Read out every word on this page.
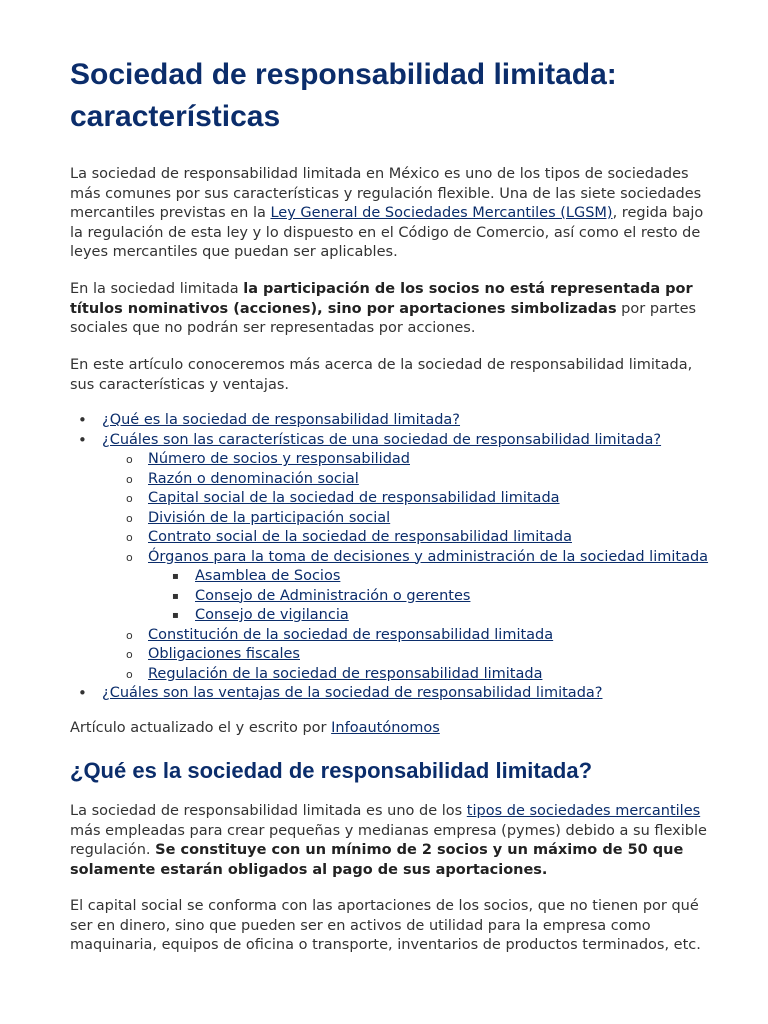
Sociedad de responsabilidad limitada: características

La sociedad de responsabilidad limitada en México es uno de los tipos de sociedades más comunes por sus características y regulación flexible. Una de las siete sociedades mercantiles previstas en la Ley General de Sociedades Mercantiles (LGSM), regida bajo la regulación de esta ley y lo dispuesto en el Código de Comercio, así como el resto de leyes mercantiles que puedan ser aplicables.

En la sociedad limitada la participación de los socios no está representada por títulos nominativos (acciones), sino por aportaciones simbolizadas por partes sociales que no podrán ser representadas por acciones.

En este artículo conoceremos más acerca de la sociedad de responsabilidad limitada, sus características y ventajas.

• ¿Qué es la sociedad de responsabilidad limitada?
• ¿Cuáles son las características de una sociedad de responsabilidad limitada?
o Número de socios y responsabilidad
o Razón o denominación social
o Capital social de la sociedad de responsabilidad limitada
o División de la participación social
o Contrato social de la sociedad de responsabilidad limitada
o Órganos para la toma de decisiones y administración de la sociedad limitada
▪ Asamblea de Socios
▪ Consejo de Administración o gerentes
▪ Consejo de vigilancia
o Constitución de la sociedad de responsabilidad limitada
o Obligaciones fiscales
o Regulación de la sociedad de responsabilidad limitada
• ¿Cuáles son las ventajas de la sociedad de responsabilidad limitada?

Artículo actualizado el y escrito por Infoautónomos

¿Qué es la sociedad de responsabilidad limitada?

La sociedad de responsabilidad limitada es uno de los tipos de sociedades mercantiles más empleadas para crear pequeñas y medianas empresa (pymes) debido a su flexible regulación. Se constituye con un mínimo de 2 socios y un máximo de 50 que solamente estarán obligados al pago de sus aportaciones.

El capital social se conforma con las aportaciones de los socios, que no tienen por qué ser en dinero, sino que pueden ser en activos de utilidad para la empresa como maquinaria, equipos de oficina o transporte, inventarios de productos terminados, etc.
